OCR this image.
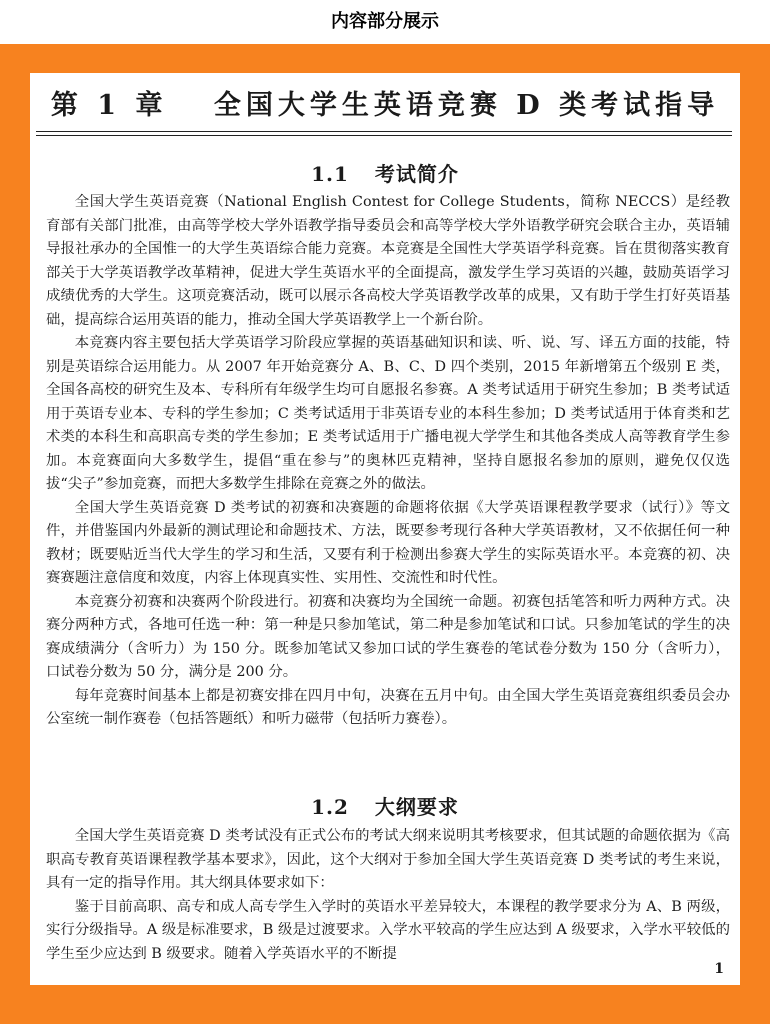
内容部分展示
第 1 章　 全国大学生英语竞赛 D 类考试指导
1.1 考试简介

全国大学生英语竞赛（National English Contest for College Students，简称 NECCS）是经教育部有关部门批准，由高等学校大学外语教学指导委员会和高等学校大学外语教学研究会联合主办，英语辅导报社承办的全国惟一的大学生英语综合能力竞赛。本竞赛是全国性大学英语学科竞赛。旨在贯彻落实教育部关于大学英语教学改革精神，促进大学生英语水平的全面提高，激发学生学习英语的兴趣，鼓励英语学习成绩优秀的大学生。这项竞赛活动，既可以展示各高校大学英语教学改革的成果，又有助于学生打好英语基础，提高综合运用英语的能力，推动全国大学英语教学上一个新台阶。

本竞赛内容主要包括大学英语学习阶段应掌握的英语基础知识和读、听、说、写、译五方面的技能，特别是英语综合运用能力。从 2007 年开始竞赛分 A、B、C、D 四个类别，2015 年新增第五个级别 E 类，全国各高校的研究生及本、专科所有年级学生均可自愿报名参赛。A 类考试适用于研究生参加；B 类考试适用于英语专业本、专科的学生参加；C 类考试适用于非英语专业的本科生参加；D 类考试适用于体育类和艺术类的本科生和高职高专类的学生参加；E 类考试适用于广播电视大学学生和其他各类成人高等教育学生参加。本竞赛面向大多数学生，提倡“重在参与”的奥林匹克精神，坚持自愿报名参加的原则，避免仅仅选拔“尖子”参加竞赛，而把大多数学生排除在竞赛之外的做法。

全国大学生英语竞赛 D 类考试的初赛和决赛题的命题将依据《大学英语课程教学要求（试行）》等文件，并借鉴国内外最新的测试理论和命题技术、方法，既要参考现行各种大学英语教材，又不依据任何一种教材；既要贴近当代大学生的学习和生活，又要有利于检测出参赛大学生的实际英语水平。本竞赛的初、决赛赛题注意信度和效度，内容上体现真实性、实用性、交流性和时代性。

本竞赛分初赛和决赛两个阶段进行。初赛和决赛均为全国统一命题。初赛包括笔答和听力两种方式。决赛分两种方式，各地可任选一种：第一种是只参加笔试，第二种是参加笔试和口试。只参加笔试的学生的决赛成绩满分（含听力）为 150 分。既参加笔试又参加口试的学生赛卷的笔试卷分数为 150 分（含听力），口试卷分数为 50 分，满分是 200 分。

每年竞赛时间基本上都是初赛安排在四月中旬，决赛在五月中旬。由全国大学生英语竞赛组织委员会办公室统一制作赛卷（包括答题纸）和听力磁带（包括听力赛卷）。

1.2 大纲要求

全国大学生英语竞赛 D 类考试没有正式公布的考试大纲来说明其考核要求，但其试题的命题依据为《高职高专教育英语课程教学基本要求》，因此，这个大纲对于参加全国大学生英语竞赛 D 类考试的考生来说，具有一定的指导作用。其大纲具体要求如下：

鉴于目前高职、高专和成人高专学生入学时的英语水平差异较大，本课程的教学要求分为 A、B 两级，实行分级指导。A 级是标准要求，B 级是过渡要求。入学水平较高的学生应达到 A 级要求，入学水平较低的学生至少应达到 B 级要求。随着入学英语水平的不断提

1
